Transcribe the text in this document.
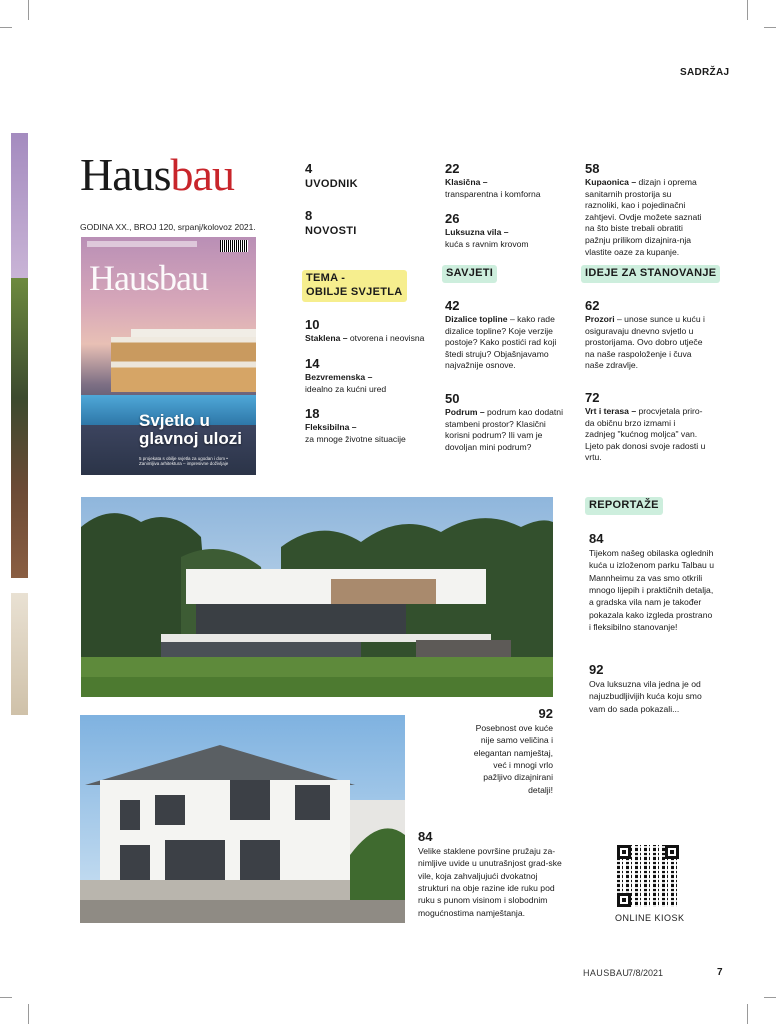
SADRŽAJ
Hausbau
GODINA XX., BROJ 120, srpanj/kolovoz 2021.
Hausbau
Svjetlo u
glavnoj ulozi
5 projekata s obilje svjetla za ugodan i dom • Zanimljiva arhitektura – impresivne doživljaje
4
UVODNIK
8
NOVOSTI
TEMA -
OBILJE SVJETLA
10
Staklena – otvorena i neovisna
14
Bezvremenska –
idealno za kućni ured
18
Fleksibilna –
za mnoge životne situacije
22
Klasična –
transparentna i komforna
26
Luksuzna vila –
kuća s ravnim krovom
SAVJETI
42
Dizalice topline – kako rade dizalice topline? Koje verzije postoje? Kako postići rad koji štedi struju? Objašnjavamo najvažnije osnove.
50
Podrum – podrum kao dodatni stambeni prostor? Klasični korisni podrum? Ili vam je dovoljan mini podrum?
58
Kupaonica – dizajn i oprema sanitarnih prostorija su raznoliki, kao i pojedinačni zahtjevi. Ovdje možete saznati na što biste trebali obratiti pažnju prilikom dizajnira-nja vlastite oaze za kupanje.
IDEJE ZA STANOVANJE
62
Prozori – unose sunce u kuću i osiguravaju dnevno svjetlo u prostorijama. Ovo dobro utječe na naše raspoloženje i čuva naše zdravlje.
72
Vrt i terasa – procvjetala priro-da običnu brzo izmami i zadnjeg "kućnog moljca" van. Ljeto pak donosi svoje radosti u vrtu.
REPORTAŽE
84
Tijekom našeg obilaska oglednih kuća u izloženom parku Talbau u Mannheimu za vas smo otkrili mnogo lijepih i praktičnih detalja, a gradska vila nam je također pokazala kako izgleda prostrano i fleksibilno stanovanje!
92
Ova luksuzna vila jedna je od najuzbudljivijih kuća koju smo vam do sada pokazali...
92
Posebnost ove kuće nije samo veličina i elegantan namještaj, već i mnogi vrlo pažljivo dizajnirani detalji!
84
Velike staklene površine pružaju za-nimljive uvide u unutrašnjost grad-ske vile, koja zahvaljujući dvokatnoj strukturi na obje razine ide ruku pod ruku s punom visinom i slobodnim mogućnostima namještanja.
ONLINE KIOSK
HAUSBAU
7/8/2021	7
